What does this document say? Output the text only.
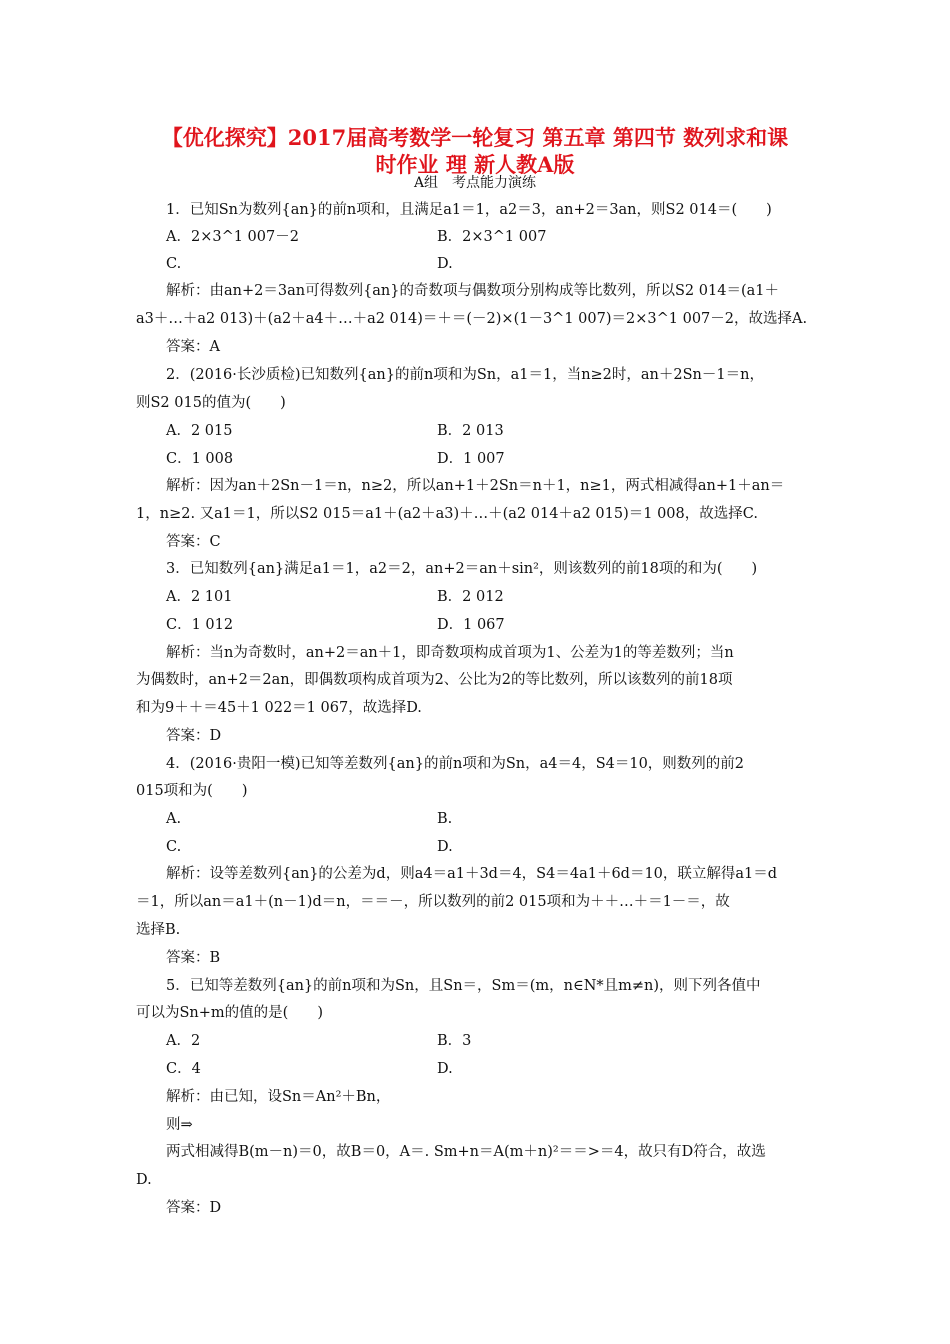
【优化探究】2017届高考数学一轮复习 第五章 第四节 数列求和课
时作业 理 新人教A版
A组　考点能力演练
1．已知Sn为数列{an}的前n项和，且满足a1＝1，a2＝3，an+2＝3an，则S2 014＝(　　)
A．2×3^1 007－2	B．2×3^1 007
C.	D.
解析：由an+2＝3an可得数列{an}的奇数项与偶数项分别构成等比数列，所以S2 014＝(a1＋
a3＋…＋a2 013)＋(a2＋a4＋…＋a2 014)＝＋＝(－2)×(1－3^1 007)＝2×3^1 007－2，故选择A.
答案：A
2．(2016·长沙质检)已知数列{an}的前n项和为Sn，a1＝1，当n≥2时，an＋2Sn－1＝n，
则S2 015的值为(　　)
A．2 015	B．2 013
C．1 008	D．1 007
解析：因为an＋2Sn－1＝n，n≥2，所以an+1＋2Sn＝n＋1，n≥1，两式相减得an+1＋an＝
1，n≥2. 又a1＝1，所以S2 015＝a1＋(a2＋a3)＋…＋(a2 014＋a2 015)＝1 008，故选择C.
答案：C
3．已知数列{an}满足a1＝1，a2＝2，an+2＝an＋sin²，则该数列的前18项的和为(　　)
A．2 101	B．2 012
C．1 012	D．1 067
解析：当n为奇数时，an+2＝an＋1，即奇数项构成首项为1、公差为1的等差数列；当n
为偶数时，an+2＝2an，即偶数项构成首项为2、公比为2的等比数列，所以该数列的前18项
和为9＋＋＝45＋1 022＝1 067，故选择D.
答案：D
4．(2016·贵阳一模)已知等差数列{an}的前n项和为Sn，a4＝4，S4＝10，则数列的前2
015项和为(　　)
A.	B.
C.	D.
解析：设等差数列{an}的公差为d，则a4＝a1＋3d＝4，S4＝4a1＋6d＝10，联立解得a1＝d
＝1，所以an＝a1＋(n－1)d＝n，＝＝－，所以数列的前2 015项和为＋＋…＋＝1－＝，故
选择B.
答案：B
5．已知等差数列{an}的前n项和为Sn，且Sn＝，Sm＝(m，n∈N*且m≠n)，则下列各值中
可以为Sn+m的值的是(　　)
A．2	B．3
C．4	D.
解析：由已知，设Sn＝An²＋Bn，
则⇒
两式相减得B(m－n)＝0，故B＝0，A＝. Sm+n＝A(m＋n)²＝＝>＝4，故只有D符合，故选
D.
答案：D
